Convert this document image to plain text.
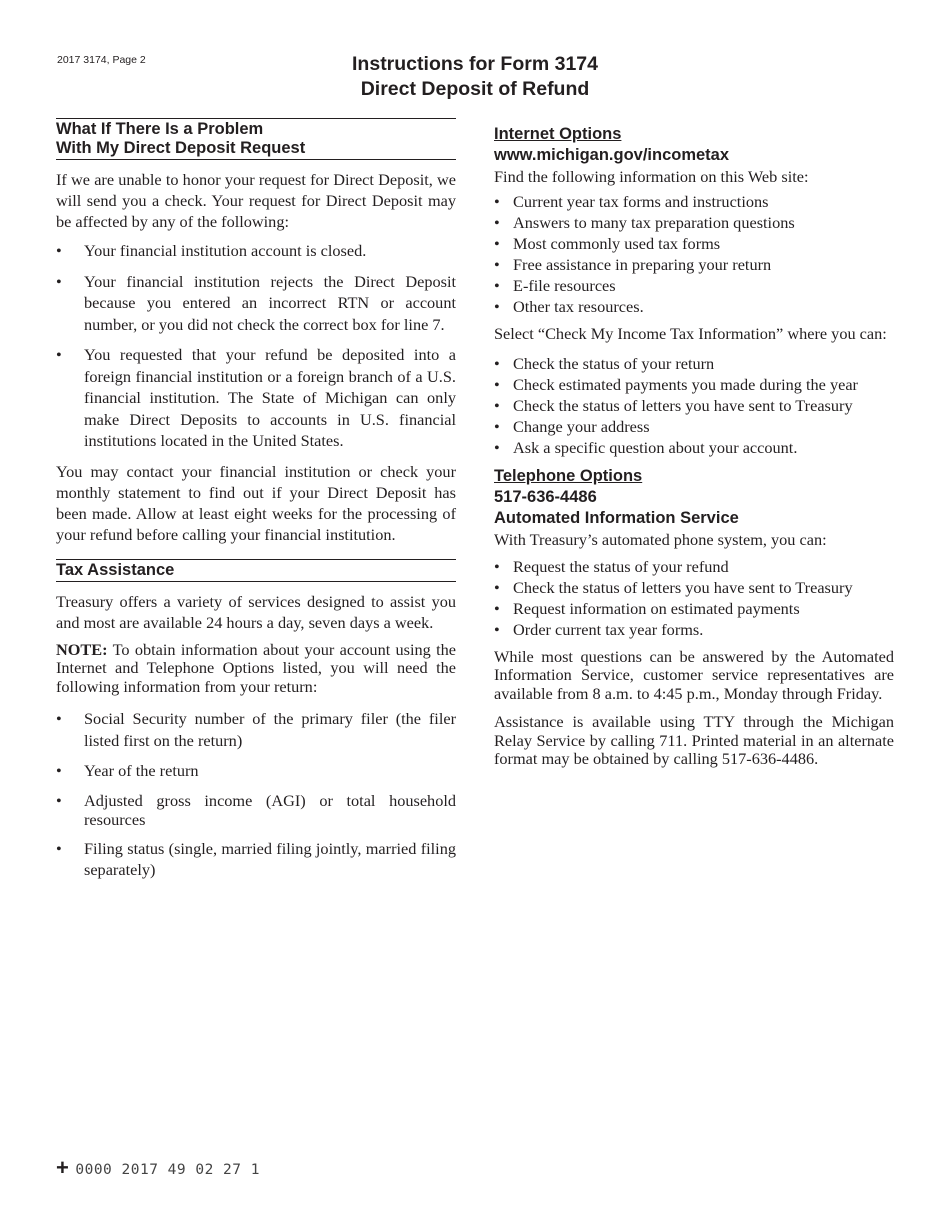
2017 3174, Page 2	Instructions for Form 3174
Direct Deposit of Refund
What If There Is a Problem
With My Direct Deposit Request

If we are unable to honor your request for Direct Deposit, we will send you a check. Your request for Direct Deposit may be affected by any of the following:

• Your financial institution account is closed.
• Your financial institution rejects the Direct Deposit because you entered an incorrect RTN or account number, or you did not check the correct box for line 7.
• You requested that your refund be deposited into a foreign financial institution or a foreign branch of a U.S. financial institution. The State of Michigan can only make Direct Deposits to accounts in U.S. financial institutions located in the United States.

You may contact your financial institution or check your monthly statement to find out if your Direct Deposit has been made. Allow at least eight weeks for the processing of your refund before calling your financial institution.

Tax Assistance

Treasury offers a variety of services designed to assist you and most are available 24 hours a day, seven days a week.

NOTE: To obtain information about your account using the Internet and Telephone Options listed, you will need the following information from your return:

• Social Security number of the primary filer (the filer listed first on the return)
• Year of the return
• Adjusted gross income (AGI) or total household resources
• Filing status (single, married filing jointly, married filing separately)
Internet Options
www.michigan.gov/incometax

Find the following information on this Web site:

• Current year tax forms and instructions
• Answers to many tax preparation questions
• Most commonly used tax forms
• Free assistance in preparing your return
• E-file resources
• Other tax resources.

Select “Check My Income Tax Information” where you can:

• Check the status of your return
• Check estimated payments you made during the year
• Check the status of letters you have sent to Treasury
• Change your address
• Ask a specific question about your account.
Telephone Options
517-636-4486
Automated Information Service

With Treasury’s automated phone system, you can:

• Request the status of your refund
• Check the status of letters you have sent to Treasury
• Request information on estimated payments
• Order current tax year forms.

While most questions can be answered by the Automated Information Service, customer service representatives are available from 8 a.m. to 4:45 p.m., Monday through Friday.

Assistance is available using TTY through the Michigan Relay Service by calling 711. Printed material in an alternate format may be obtained by calling 517-636-4486.

+ 0000 2017 49 02 27 1
